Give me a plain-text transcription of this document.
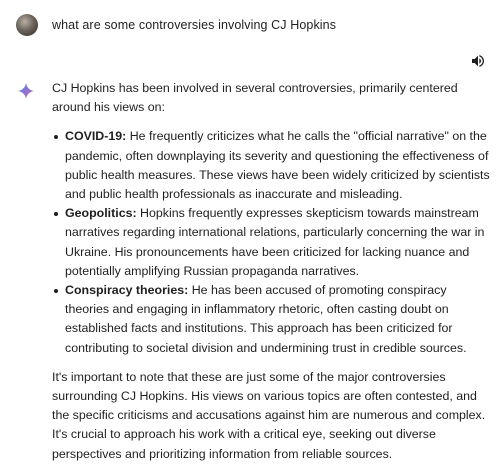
what are some controversies involving CJ Hopkins

CJ Hopkins has been involved in several controversies, primarily centered around his views on:

COVID-19: He frequently criticizes what he calls the "official narrative" on the pandemic, often downplaying its severity and questioning the effectiveness of public health measures. These views have been widely criticized by scientists and public health professionals as inaccurate and misleading.
Geopolitics: Hopkins frequently expresses skepticism towards mainstream narratives regarding international relations, particularly concerning the war in Ukraine. His pronouncements have been criticized for lacking nuance and potentially amplifying Russian propaganda narratives.
Conspiracy theories: He has been accused of promoting conspiracy theories and engaging in inflammatory rhetoric, often casting doubt on established facts and institutions. This approach has been criticized for contributing to societal division and undermining trust in credible sources.

It's important to note that these are just some of the major controversies surrounding CJ Hopkins. His views on various topics are often contested, and the specific criticisms and accusations against him are numerous and complex. It's crucial to approach his work with a critical eye, seeking out diverse perspectives and prioritizing information from reliable sources.
